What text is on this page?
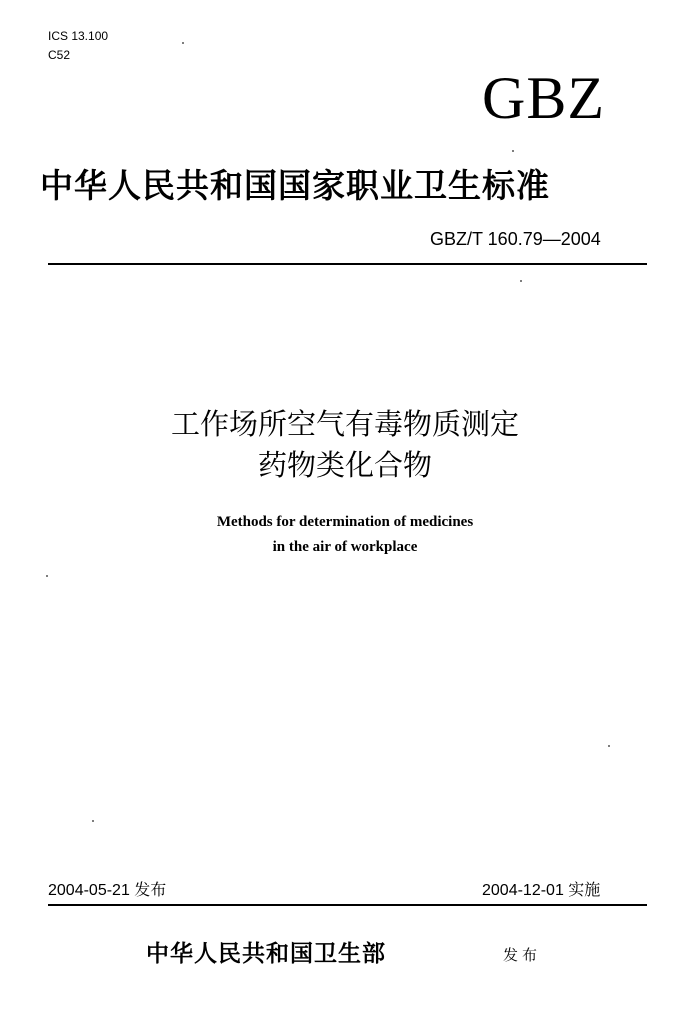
ICS 13.100
C52
GBZ
中华人民共和国国家职业卫生标准
GBZ/T 160.79—2004
工作场所空气有毒物质测定
药物类化合物
Methods for determination of medicines
in the air of workplace
2004-05-21 发布	2004-12-01 实施
中华人民共和国卫生部	发布
